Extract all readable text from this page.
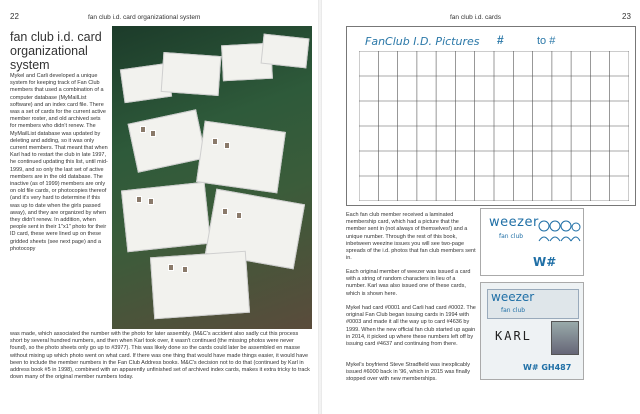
22	fan club i.d. card organizational system
fan club i.d. card organizational system
Mykel and Carli developed a unique system for keeping track of Fan Club members that used a combination of a computer database (MyMailList software) and an index card file. There was a set of cards for the current active member roster, and old archived sets for members who didn't renew. The MyMailList database was updated by deleting and adding, so it was only current members. That meant that when Karl had to restart the club in late 1997, he continued updating this list, until mid-1999, and so only the last set of active members are in the old database. The inactive (as of 1999) members are only on old file cards, or photocopies thereof (and it's very hard to determine if this was up to date when the girls passed away), and they are organized by when they didn't renew. In addition, when people sent in their 1"x1" photo for their ID card, these were lined up on these gridded sheets (see next page) and a photocopy
was made, which associated the number with the photo for later assembly. (M&C's accident also sadly cut this process short by several hundred numbers, and then when Karl took over, it wasn't continued (the missing photos were never found), so the photo sheets only go up to #3977). This was likely done so the cards could later be assembled en masse without mixing up which photo went on what card. If there was one thing that would have made things easier, it would have been to include the member numbers in the Fan Club Address books. M&C's decision not to do that (continued by Karl in address book #5 in 1998), combined with an apparently unfinished set of archived index cards, makes it extra tricky to track down many of the original member numbers today.
fan club i.d. cards	23
FanClub I.D. Pictures #	to #
Each fan club member received a laminated membership card, which had a picture that the member sent in (not always of themselves!) and a unique number. Through the rest of this book, inbetween weezine issues you will see two-page spreads of the i.d. photos that fan club members sent in.
Each original member of weezer was issued a card with a string of random characters in lieu of a number. Karl was also issued one of these cards, which is shown here.
Mykel had card #0001 and Carli had card #0002. The original Fan Club began issuing cards in 1994 with #0003 and made it all the way up to card #4636 by 1999. When the new official fan club started up again in 2014, it picked up where these numbers left off by issuing card #4637 and continuing from there.
Mykel's boyfriend Steve Stradfield was inexplicably issued #6000 back in '96, which in 2015 was finally stopped over with new memberships.
weezer
fan club
W#
weezer
fan club
KARL
W# GH487
